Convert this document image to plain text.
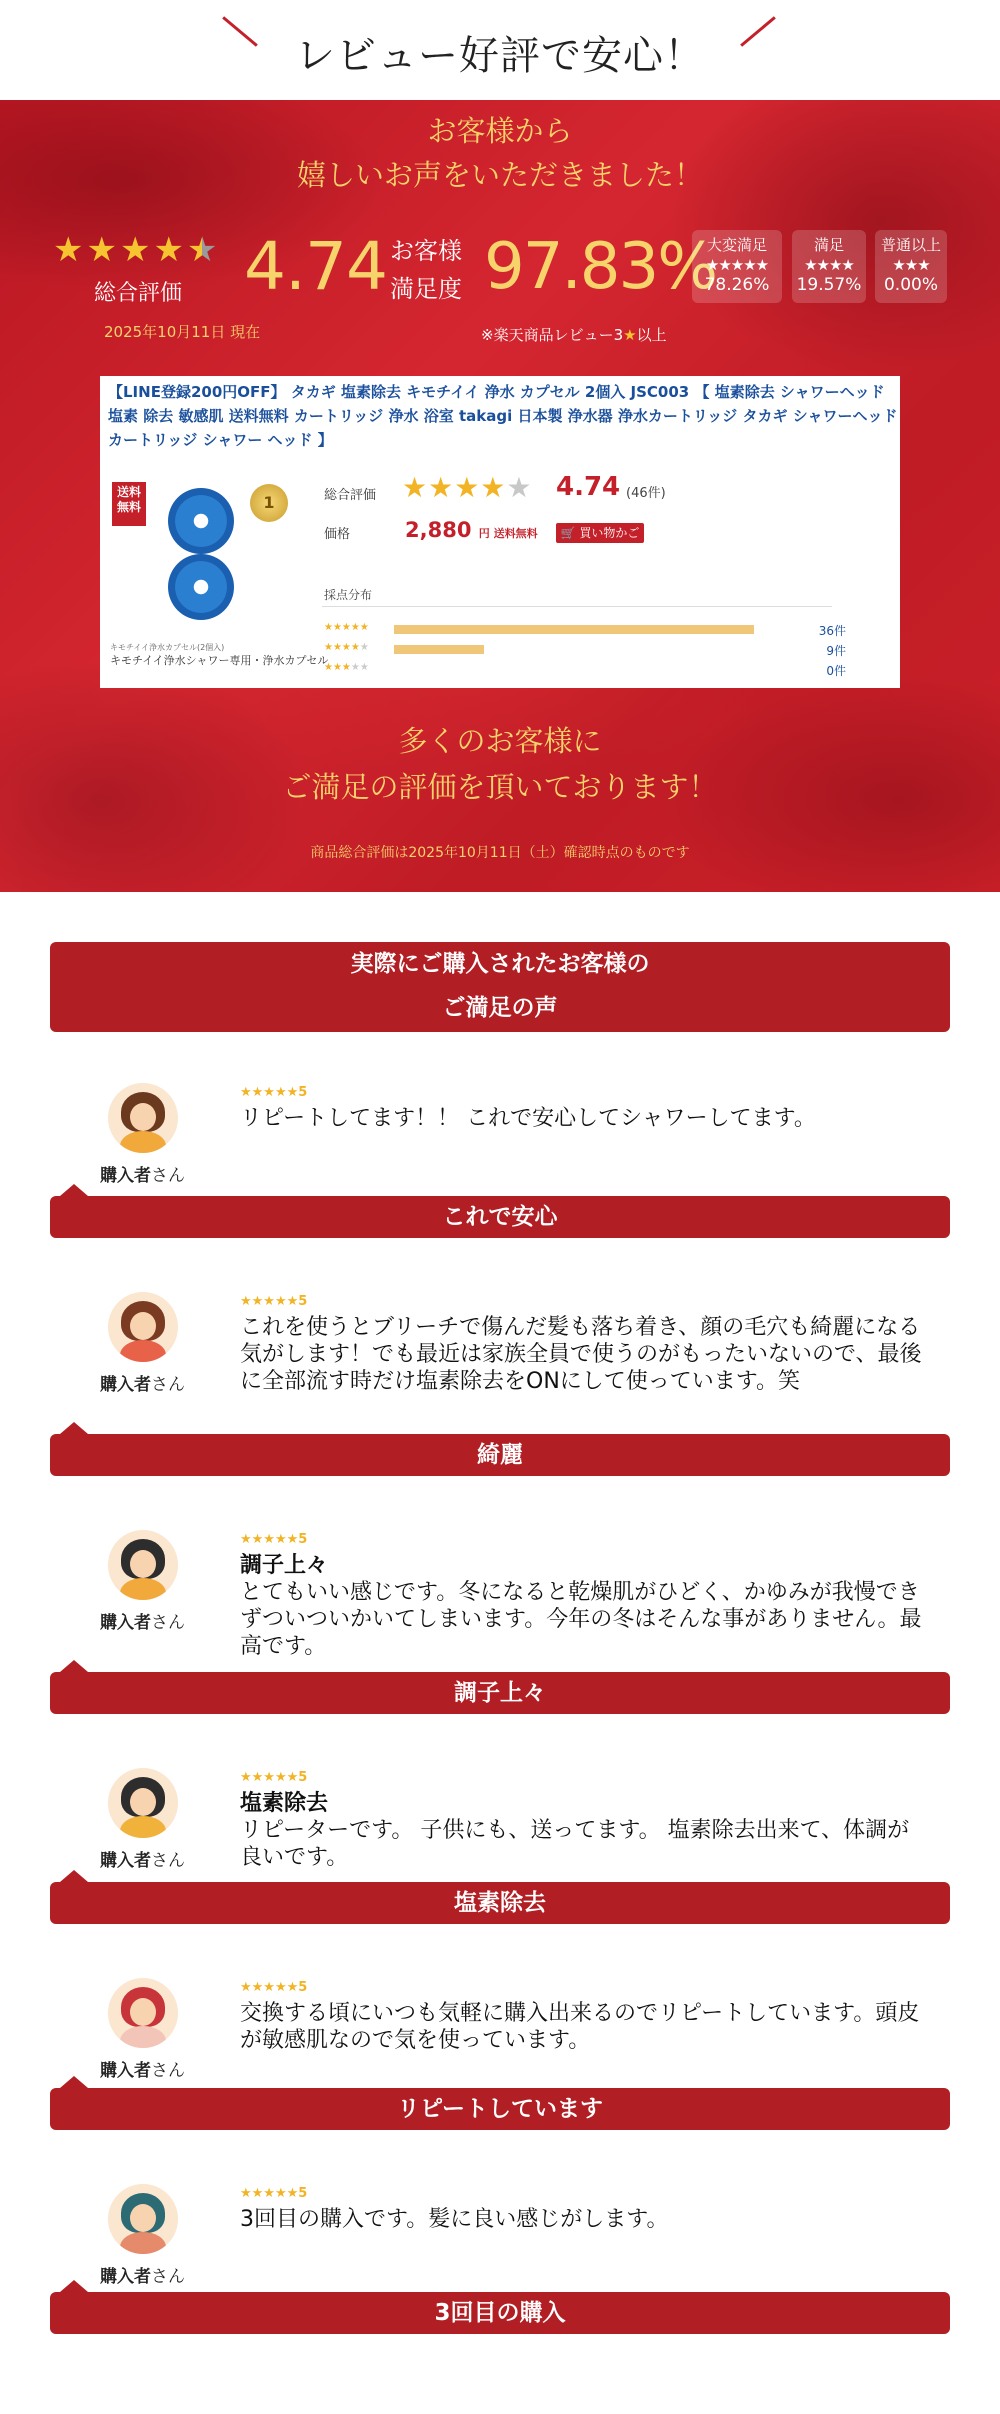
レビュー好評で安心！
お客様から
嬉しいお声をいただきました！
★ ★ ★ ★ ★
総合評価
2025年10月11日 現在
4.74 お客様
満足度 97.83%
※楽天商品レビュー3★以上
大変満足
★★★★★
78.26%
満足
★★★★
19.57%
普通以上
★★★
0.00%
【LINE登録200円OFF】 タカギ 塩素除去 キモチイイ 浄水 カプセル 2個入 JSC003 【 塩素除去 シャワーヘッド 塩素 除去 敏感肌 送料無料 カートリッジ 浄水 浴室 takagi 日本製 浄水器 浄水カートリッジ タカギ シャワーヘッドカートリッジ シャワー ヘッド 】
送料無料	1
キモチイイ浄水カプセル(2個入)
キモチイイ浄水シャワー専用・浄水カプセル
総合評価 ★★★★★ 4.74 (46件)
価格	2,880 円 送料無料	🛒 買い物かご
採点分布
★★★★★	36件
★★★★★	9件
★★★★★	0件
多くのお客様に
ご満足の評価を頂いております！
商品総合評価は2025年10月11日（土）確認時点のものです
実際にご購入されたお客様の
ご満足の声
購入者さん
★★★★★5
リピートしてます！！ これで安心してシャワーしてます。
これで安心
購入者さん
★★★★★5
これを使うとブリーチで傷んだ髪も落ち着き、顔の毛穴も綺麗になる気がします！でも最近は家族全員で使うのがもったいないので、最後に全部流す時だけ塩素除去をONにして使っています。笑
綺麗
購入者さん
★★★★★5
調子上々
とてもいい感じです。冬になると乾燥肌がひどく、かゆみが我慢できずついついかいてしまいます。今年の冬はそんな事がありません。最高です。
調子上々
購入者さん
★★★★★5
塩素除去
リピーターです。 子供にも、送ってます。 塩素除去出来て、体調が良いです。
塩素除去
購入者さん
★★★★★5
交換する頃にいつも気軽に購入出来るのでリピートしています。頭皮が敏感肌なので気を使っています。
リピートしています
購入者さん
★★★★★5
3回目の購入です。髪に良い感じがします。
3回目の購入
